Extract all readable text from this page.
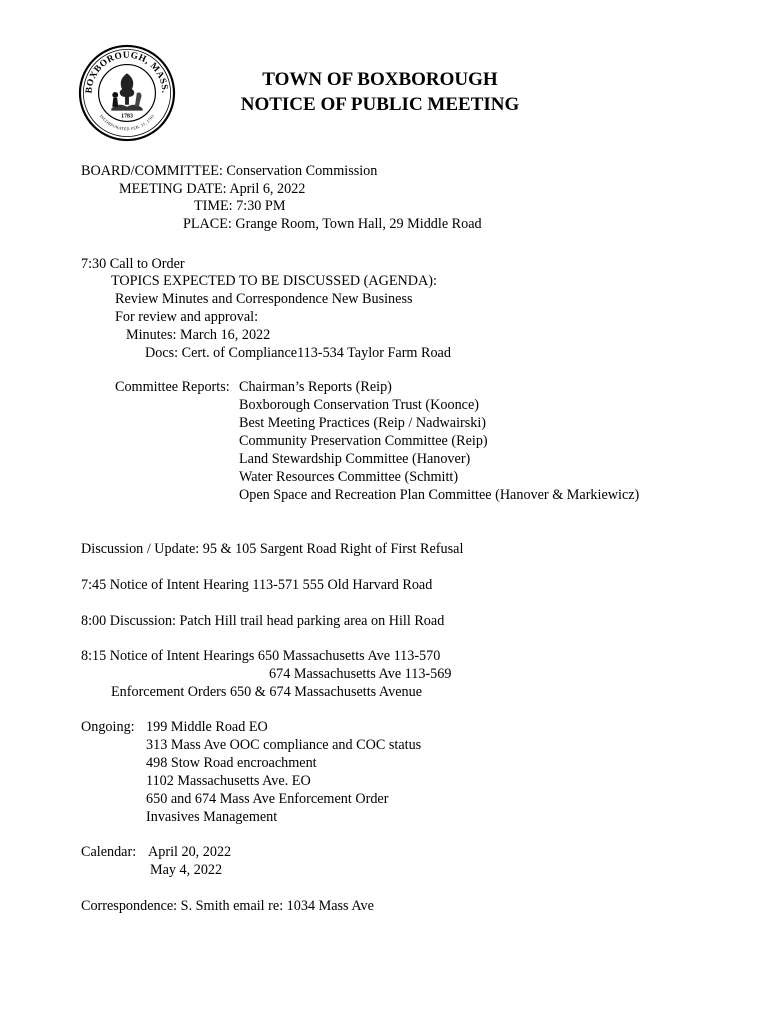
BOXBOROUGH, MASS.
INCORPORATED FEB. 25, 1783
1783
TOWN OF BOXBOROUGH
NOTICE OF PUBLIC MEETING
BOARD/COMMITTEE: Conservation Commission
MEETING DATE: April 6, 2022
TIME: 7:30 PM
PLACE: Grange Room, Town Hall, 29 Middle Road
7:30 Call to Order
TOPICS EXPECTED TO BE DISCUSSED (AGENDA):
Review Minutes and Correspondence New Business
For review and approval:
Minutes: March 16, 2022
Docs: Cert. of Compliance113-534 Taylor Farm Road
Committee Reports: Chairman’s Reports (Reip)
Boxborough Conservation Trust (Koonce)
Best Meeting Practices (Reip / Nadwairski)
Community Preservation Committee (Reip)
Land Stewardship Committee (Hanover)
Water Resources Committee (Schmitt)
Open Space and Recreation Plan Committee (Hanover & Markiewicz)
Discussion / Update: 95 & 105 Sargent Road Right of First Refusal
7:45 Notice of Intent Hearing 113-571 555 Old Harvard Road
8:00 Discussion: Patch Hill trail head parking area on Hill Road
8:15 Notice of Intent Hearings 650 Massachusetts Ave 113-570
674 Massachusetts Ave 113-569
Enforcement Orders 650 & 674 Massachusetts Avenue
Ongoing: 199 Middle Road EO
313 Mass Ave OOC compliance and COC status
498 Stow Road encroachment
1102 Massachusetts Ave. EO
650 and 674 Mass Ave Enforcement Order
Invasives Management
Calendar: April 20, 2022
May 4, 2022
Correspondence: S. Smith email re: 1034 Mass Ave
